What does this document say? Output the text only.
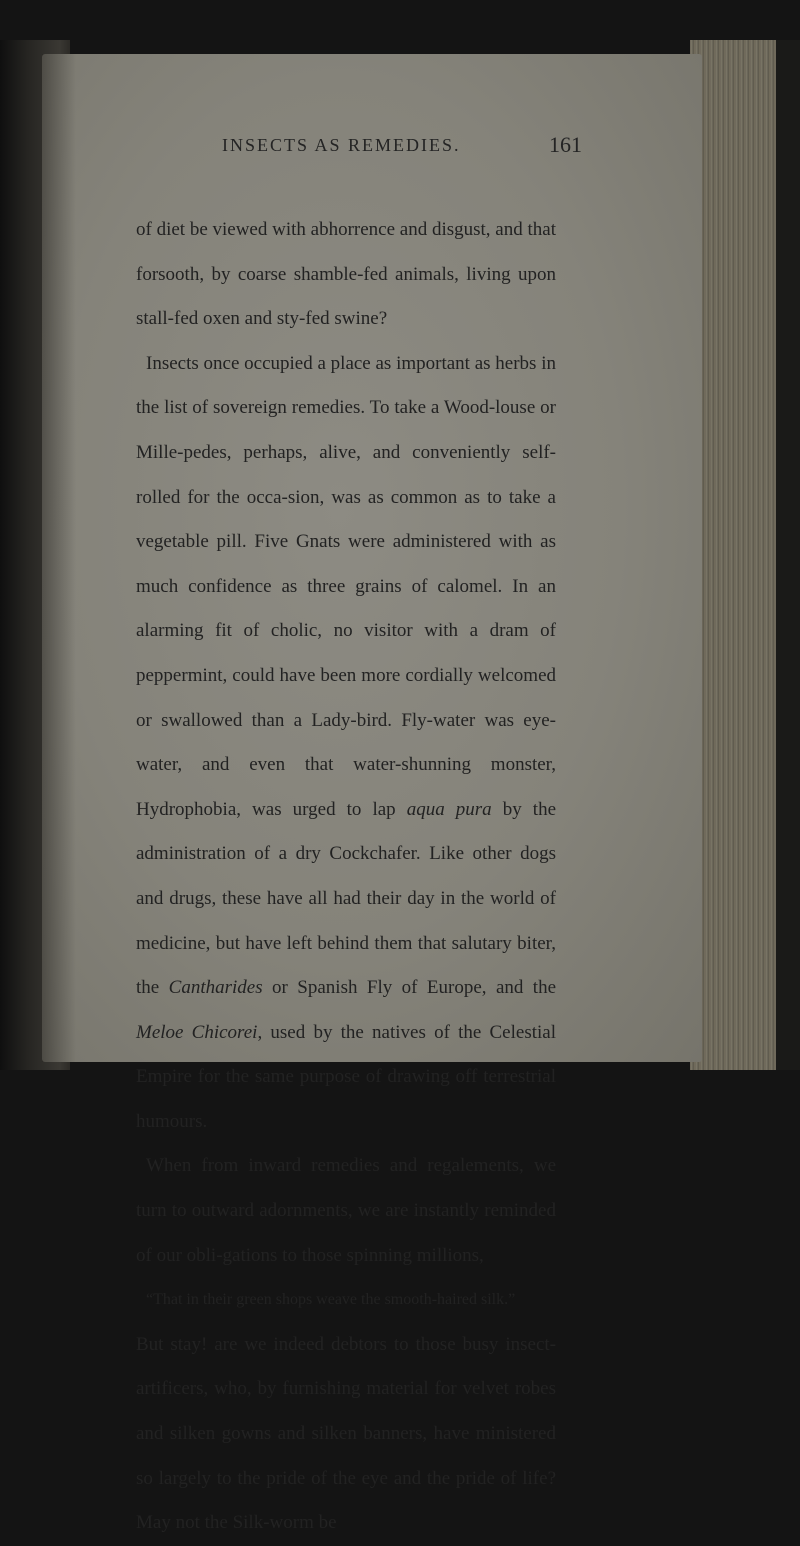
INSECTS AS REMEDIES.	161

of diet be viewed with abhorrence and disgust, and that forsooth, by coarse shamble-fed animals, living upon stall-fed oxen and sty-fed swine?

Insects once occupied a place as important as herbs in the list of sovereign remedies. To take a Wood-louse or Mille-pedes, perhaps, alive, and conveniently self-rolled for the occa-sion, was as common as to take a vegetable pill. Five Gnats were administered with as much confidence as three grains of calomel. In an alarming fit of cholic, no visitor with a dram of peppermint, could have been more cordially welcomed or swallowed than a Lady-bird. Fly-water was eye-water, and even that water-shunning monster, Hydrophobia, was urged to lap aqua pura by the administration of a dry Cockchafer. Like other dogs and drugs, these have all had their day in the world of medicine, but have left behind them that salutary biter, the Cantharides or Spanish Fly of Europe, and the Meloe Chicorei, used by the natives of the Celestial Empire for the same purpose of drawing off terrestrial humours.

When from inward remedies and regalements, we turn to outward adornments, we are instantly reminded of our obli-gations to those spinning millions,

“That in their green shops weave the smooth-haired silk.”

But stay! are we indeed debtors to those busy insect-artificers, who, by furnishing material for velvet robes and silken gowns and silken banners, have ministered so largely to the pride of the eye and the pride of life? May not the Silk-worm be
